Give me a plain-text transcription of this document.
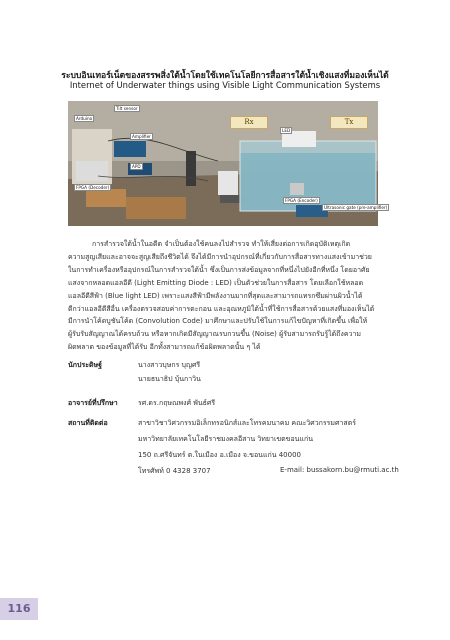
ระบบอินเทอร์เน็ตของสรรพสิ่งใต้น้ำโดยใช้เทคโนโลยีการสื่อสารใต้น้ำเชิงแสงที่มองเห็นได้
Internet of Underwater things using Visible Light Communication Systems
Rx	Tx
Tilt sensor
Arduino
Amplifier
APD
FPGA (Decoder)
LED
FPGA (Encoder)
Ultrasonic gate (pre-amplifier)

การสำรวจใต้น้ำในอดีต จำเป็นต้องใช้คนลงไปสำรวจ ทำให้เสี่ยงต่อการเกิดอุบัติเหตุเกิด

ความสูญเสียและอาจจะสูญเสียถึงชีวิตได้ จึงได้มีการนำอุปกรณ์ที่เกี่ยวกับการสื่อสารทางแสงเข้ามาช่วย

ในการทำเครื่องหรืออุปกรณ์ในการสำรวจใต้น้ำ ซึ่งเป็นการส่งข้อมูลจากที่หนึ่งไปยังอีกที่หนึ่ง โดยอาศัย

แสงจากหลอดแอลอีดี (Light Emitting Diode : LED) เป็นตัวช่วยในการสื่อสาร โดยเลือกใช้หลอด

แอลอีดีสีฟ้า (Blue light LED) เพราะแสงสีฟ้ามีพลังงานมากที่สุดและสามารถแทรกซึมผ่านผิวน้ำได้

ดีกว่าแอลอีดีสีอื่น เครื่องตรวจสอบค่าการตะกอน และอุณหภูมิใต้น้ำที่ใช้การสื่อสารด้วยแสงที่มองเห็นได้

มีการนำโค้ดบูชันโค้ด (Convolution Code) มาศึกษาและปรับใช้ในการแก้ไขปัญหาที่เกิดขึ้น เพื่อให้

ผู้รับรับสัญญาณได้ครบถ้วน หรือหากเกิดมีสัญญาณรบกวนขึ้น (Noise) ผู้รับสามารถรับรู้ได้ถึงความ

ผิดพลาด ของข้อมูลที่ได้รับ อีกทั้งสามารถแก้ข้อผิดพลาดนั้น ๆ ได้

นักประดิษฐ์	นางสาวบุษกร บุญศรี
นายธนาธิป บุ้นกาวิน
อาจารย์ที่ปรึกษา	รศ.ดร.กฤษณพงศ์ พันธ์ศรี
สถานที่ติดต่อ	สาขาวิชาวิศวกรรมอิเล็กทรอนิกส์และโทรคมนาคม คณะวิศวกรรมศาสตร์
มหาวิทยาลัยเทคโนโลยีราชมงคลอีสาน วิทยาเขตขอนแก่น
150 ถ.ศรีจันทร์ ต.ในเมือง อ.เมือง จ.ขอนแก่น 40000
โทรศัพท์ 0 4328 3707	E-mail: bussakorn.bu@rmuti.ac.th
116
